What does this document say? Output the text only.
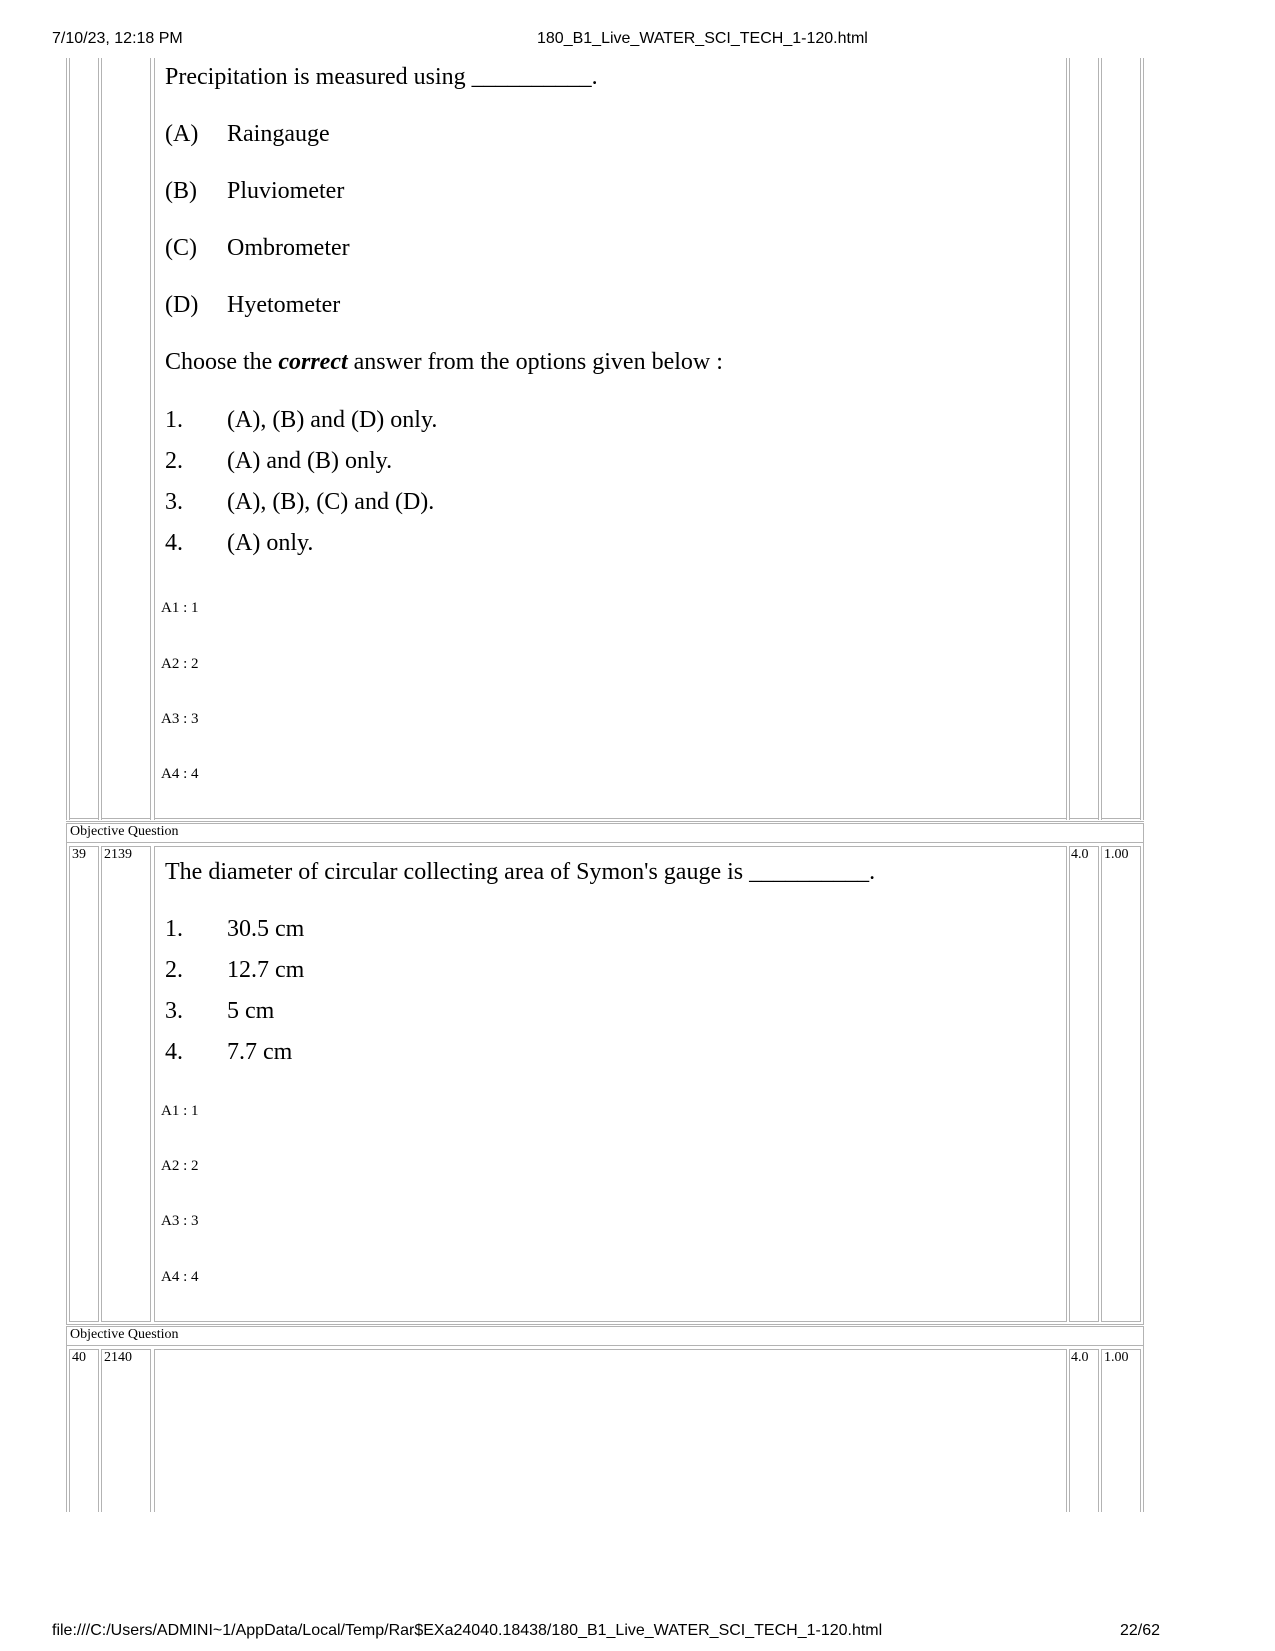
7/10/23, 12:18 PM	180_B1_Live_WATER_SCI_TECH_1-120.html
Precipitation is measured using __________.
(A) Raingauge
(B) Pluviometer
(C) Ombrometer
(D) Hyetometer
Choose the correct answer from the options given below :
1. (A), (B) and (D) only.
2. (A) and (B) only.
3. (A), (B), (C) and (D).
4. (A) only.
A1 : 1
A2 : 2
A3 : 3
A4 : 4
Objective Question
39 2139	4.0 1.00
The diameter of circular collecting area of Symon's gauge is __________.
1. 30.5 cm
2. 12.7 cm
3. 5 cm
4. 7.7 cm
A1 : 1
A2 : 2
A3 : 3
A4 : 4
Objective Question
40 2140	4.0 1.00
file:///C:/Users/ADMINI~1/AppData/Local/Temp/Rar$EXa24040.18438/180_B1_Live_WATER_SCI_TECH_1-120.html	22/62
